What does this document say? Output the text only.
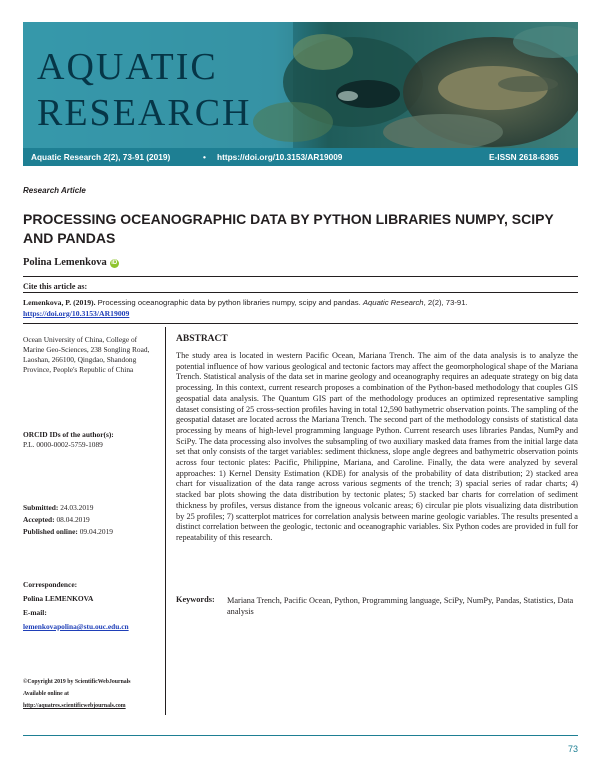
AQUATIC
RESEARCH
Aquatic Research 2(2), 73-91 (2019)	• https://doi.org/10.3153/AR19009	E-ISSN 2618-6365
Research Article
PROCESSING OCEANOGRAPHIC DATA BY PYTHON LIBRARIES NUMPY, SCIPY AND PANDAS
Polina Lemenkova iD
Cite this article as:
Lemenkova, P. (2019). Processing oceanographic data by python libraries numpy, scipy and pandas. Aquatic Research, 2(2), 73-91.
https://doi.org/10.3153/AR19009
Ocean University of China, College of Marine Geo-Sciences, 238 Songling Road, Laoshan, 266100, Qingdao, Shandong Province, People's Republic of China
ORCID IDs of the author(s):
P.L. 0000-0002-5759-1089
Submitted: 24.03.2019
Accepted: 08.04.2019
Published online: 09.04.2019
Correspondence:

Polina LEMENKOVA
E-mail:
lemenkovapolina@stu.ouc.edu.cn
©Copyright 2019 by ScientificWebJournals
Available online at
http://aquatres.scientificwebjournals.com
ABSTRACT
The study area is located in western Pacific Ocean, Mariana Trench. The aim of the data analysis is to analyze the potential influence of how various geological and tectonic factors may affect the geomorphological shape of the Mariana Trench. Statistical analysis of the data set in marine geology and oceanography requires an adequate strategy on big data processing. In this context, current research proposes a combination of the Python-based methodology that couples GIS geospatial data analysis. The Quantum GIS part of the methodology produces an optimized representative sampling dataset consisting of 25 cross-section profiles having in total 12,590 bathymetric observation points. The sampling of the geospatial dataset are located across the Mariana Trench. The second part of the methodology consists of statistical data processing by means of high-level programming language Python. Current research uses libraries Pandas, NumPy and SciPy. The data processing also involves the subsampling of two auxiliary masked data frames from the initial large data set that only consists of the target variables: sediment thickness, slope angle degrees and bathymetric observation points across four tectonic plates: Pacific, Philippine, Mariana, and Caroline. Finally, the data were analyzed by several approaches: 1) Kernel Density Estimation (KDE) for analysis of the probability of data distribution; 2) stacked area chart for visualization of the data range across various segments of the trench; 3) spacial series of radar charts; 4) stacked bar plots showing the data distribution by tectonic plates; 5) stacked bar charts for correlation of sediment thickness by profiles, versus distance from the igneous volcanic areas; 6) circular pie plots visualizing data distribution by 25 profiles; 7) scatterplot matrices for correlation analysis between marine geologic variables. The results presented a distinct correlation between the geologic, tectonic and oceanographic variables. Six Python codes are provided in full for repeatability of this research.
Keywords: Mariana Trench, Pacific Ocean, Python, Programming language, SciPy, NumPy, Pandas, Statistics, Data analysis
73
